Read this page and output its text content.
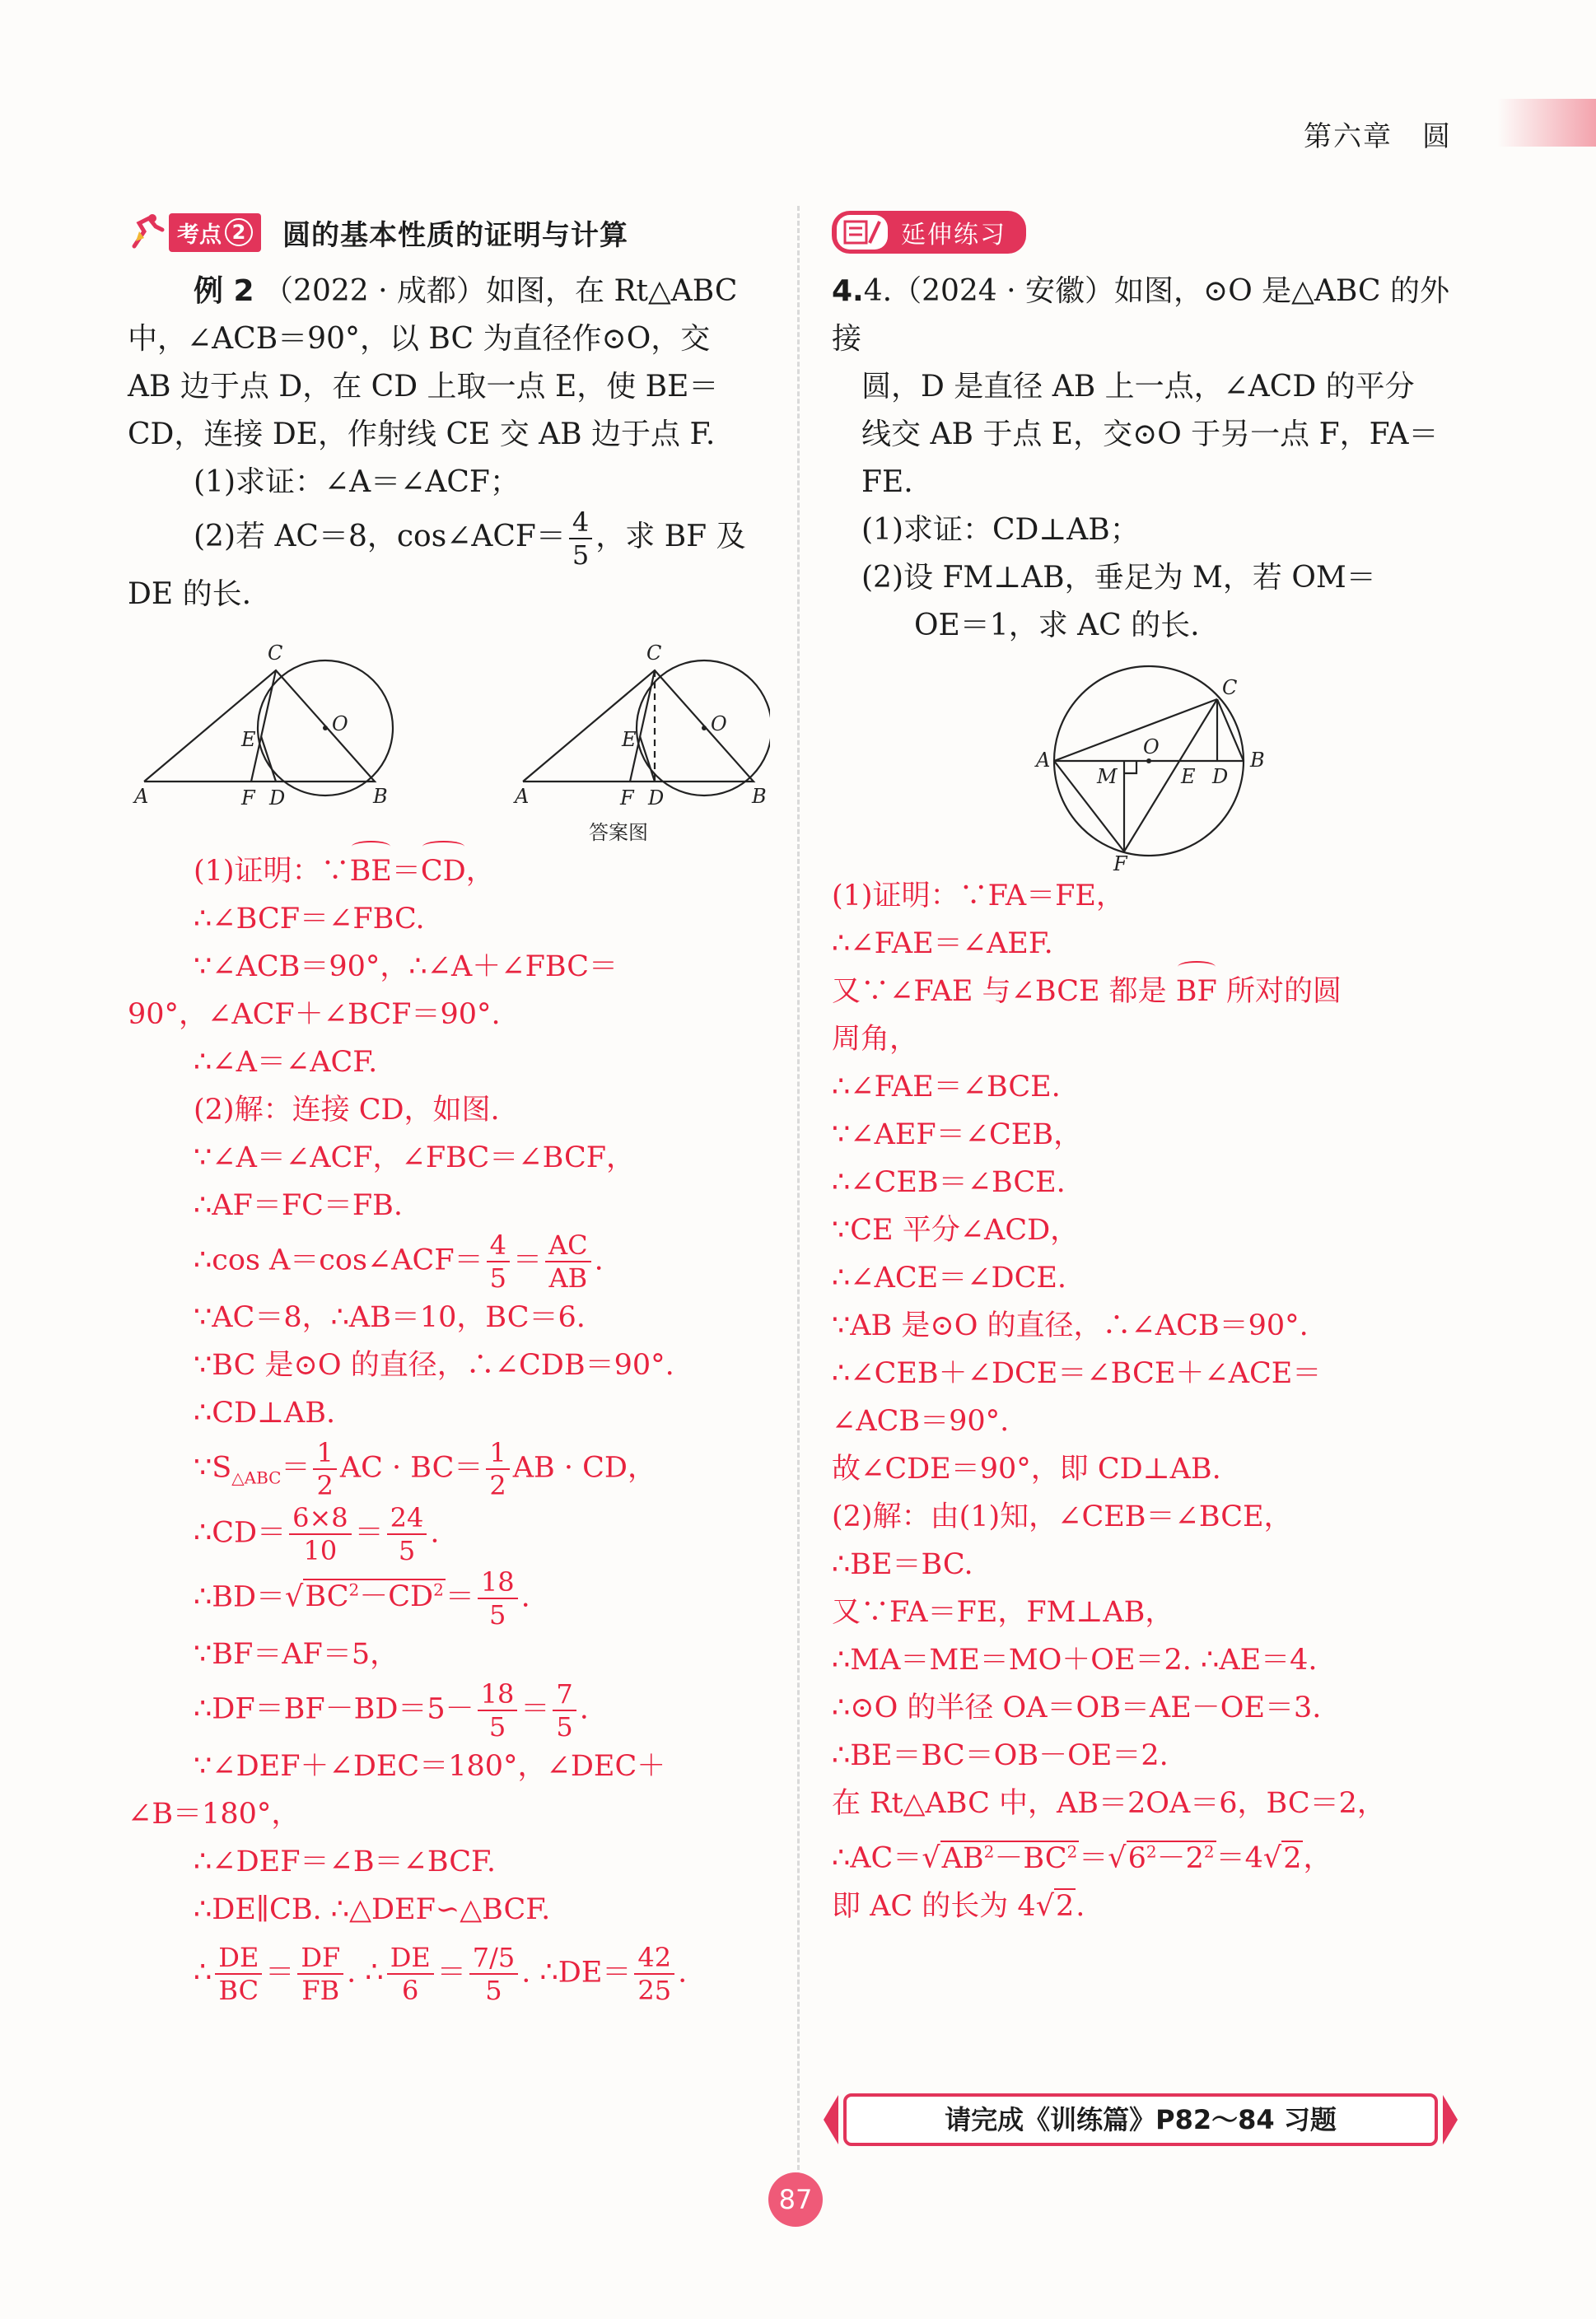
第六章　圆
考点 2 圆的基本性质的证明与计算

例 2 （2022 · 成都）如图，在 Rt△ABC

中，∠ACB＝90°，以 BC 为直径作⊙O，交

AB 边于点 D，在 CD 上取一点 E，使 BE＝

CD，连接 DE，作射线 CE 交 AB 边于点 F.

(1)求证：∠A＝∠ACF；

(2)若 AC＝8，cos∠ACF＝ $\frac{4}{5}$ ，求 BF 及

DE 的长.

C
O
E
A	F D	B
C
O
E
A	F D	B
答案图

(1)证明：∵BE＝CD，

∴∠BCF＝∠FBC.

∵∠ACB＝90°，∴∠A＋∠FBC＝

90°，∠ACF＋∠BCF＝90°.

∴∠A＝∠ACF.

(2)解：连接 CD，如图.

∵∠A＝∠ACF，∠FBC＝∠BCF，

∴AF＝FC＝FB.

∴cos A＝cos∠ACF＝ $\frac{4}{5} = \frac{AC}{AB}$ .

∵AC＝8，∴AB＝10，BC＝6.

∵BC 是⊙O 的直径，∴∠CDB＝90°.

∴CD⊥AB.

$\because S_{\triangle ABC}= \frac{1}{2}$ AC · $BC= \frac{1}{2}$ AB · CD，

∴CD＝ $\frac{6\times 8}{10} = \frac{24}{5}$ .

$\therefore BD=√BC^2-CD^2= \frac{18}{5}$ .

∵BF＝AF＝5，

∴DF＝BF－BD＝5－ $\frac{18}{5} = \frac{7}{5}$ .

∵∠DEF＋∠DEC＝180°，∠DEC＋

∠B＝180°，

∴∠DEF＝∠B＝∠BCF.

∴DE∥CB. ∴△DEF∽△BCF.

∴ $\frac{DE}{BC} = \frac{DF}{FB}$ . ∴ $\frac{DE}{6} = \frac{7/5}{5}$ . ∴DE＝ $\frac{42}{25}$ .

延伸练习

4.4.（2024 · 安徽）如图，⊙O 是△ABC 的外接

圆，D 是直径 AB 上一点，∠ACD 的平分

线交 AB 于点 E，交⊙O 于另一点 F，FA＝

FE.

(1)求证：CD⊥AB；

(2)设 FM⊥AB，垂足为 M，若 OM＝

OE＝1，求 AC 的长.

C
O
A
M	E D
B
F

(1)证明：∵FA＝FE，

∴∠FAE＝∠AEF.

又∵∠FAE 与∠BCE 都是 BF 所对的圆

周角，

∴∠FAE＝∠BCE.

∵∠AEF＝∠CEB，

∴∠CEB＝∠BCE.

∵CE 平分∠ACD，

∴∠ACE＝∠DCE.

∵AB 是⊙O 的直径，∴∠ACB＝90°.

∴∠CEB＋∠DCE＝∠BCE＋∠ACE＝

∠ACB＝90°.

故∠CDE＝90°，即 CD⊥AB.

(2)解：由(1)知，∠CEB＝∠BCE，

∴BE＝BC.

又∵FA＝FE，FM⊥AB，

∴MA＝ME＝MO＋OE＝2. ∴AE＝4.

∴⊙O 的半径 OA＝OB＝AE－OE＝3.

∴BE＝BC＝OB－OE＝2.

在 Rt△ABC 中，AB＝2OA＝6，BC＝2，

$\therefore AC=√AB^2-BC^2=√6^2-2^2=4√2$，

即 AC 的长为 4√2.

请完成《训练篇》P82～84 习题
87
